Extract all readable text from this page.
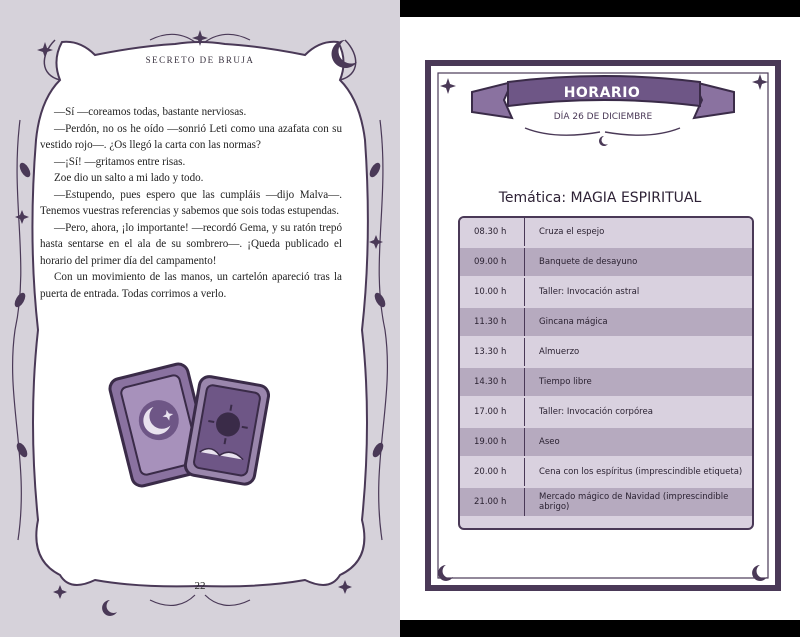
SECRETO DE BRUJA

—Sí —coreamos todas, bastante nerviosas.

—Perdón, no os he oído —sonrió Leti como una azafata con su vestido rojo—. ¿Os llegó la carta con las normas?

—¡Sí! —gritamos entre risas.

Zoe dio un salto a mi lado y todo.

—Estupendo, pues espero que las cumpláis —dijo Malva—. Tenemos vuestras referencias y sabemos que sois todas estupendas.

—Pero, ahora, ¡lo importante! —recordó Gema, y su ratón trepó hasta sentarse en el ala de su sombrero—. ¡Queda publicado el horario del primer día del campamento!

Con un movimiento de las manos, un cartelón apareció tras la puerta de entrada. Todas corrimos a verlo.

22
HORARIO
DÍA 26 DE DICIEMBRE
Temática: MAGIA ESPIRITUAL
08.30 h	Cruza el espejo
09.00 h	Banquete de desayuno
10.00 h	Taller: Invocación astral
11.30 h	Gincana mágica
13.30 h	Almuerzo
14.30 h	Tiempo libre
17.00 h	Taller: Invocación corpórea
19.00 h	Aseo
20.00 h	Cena con los espíritus (imprescindible etiqueta)
21.00 h	Mercado mágico de Navidad (imprescindible abrigo)
